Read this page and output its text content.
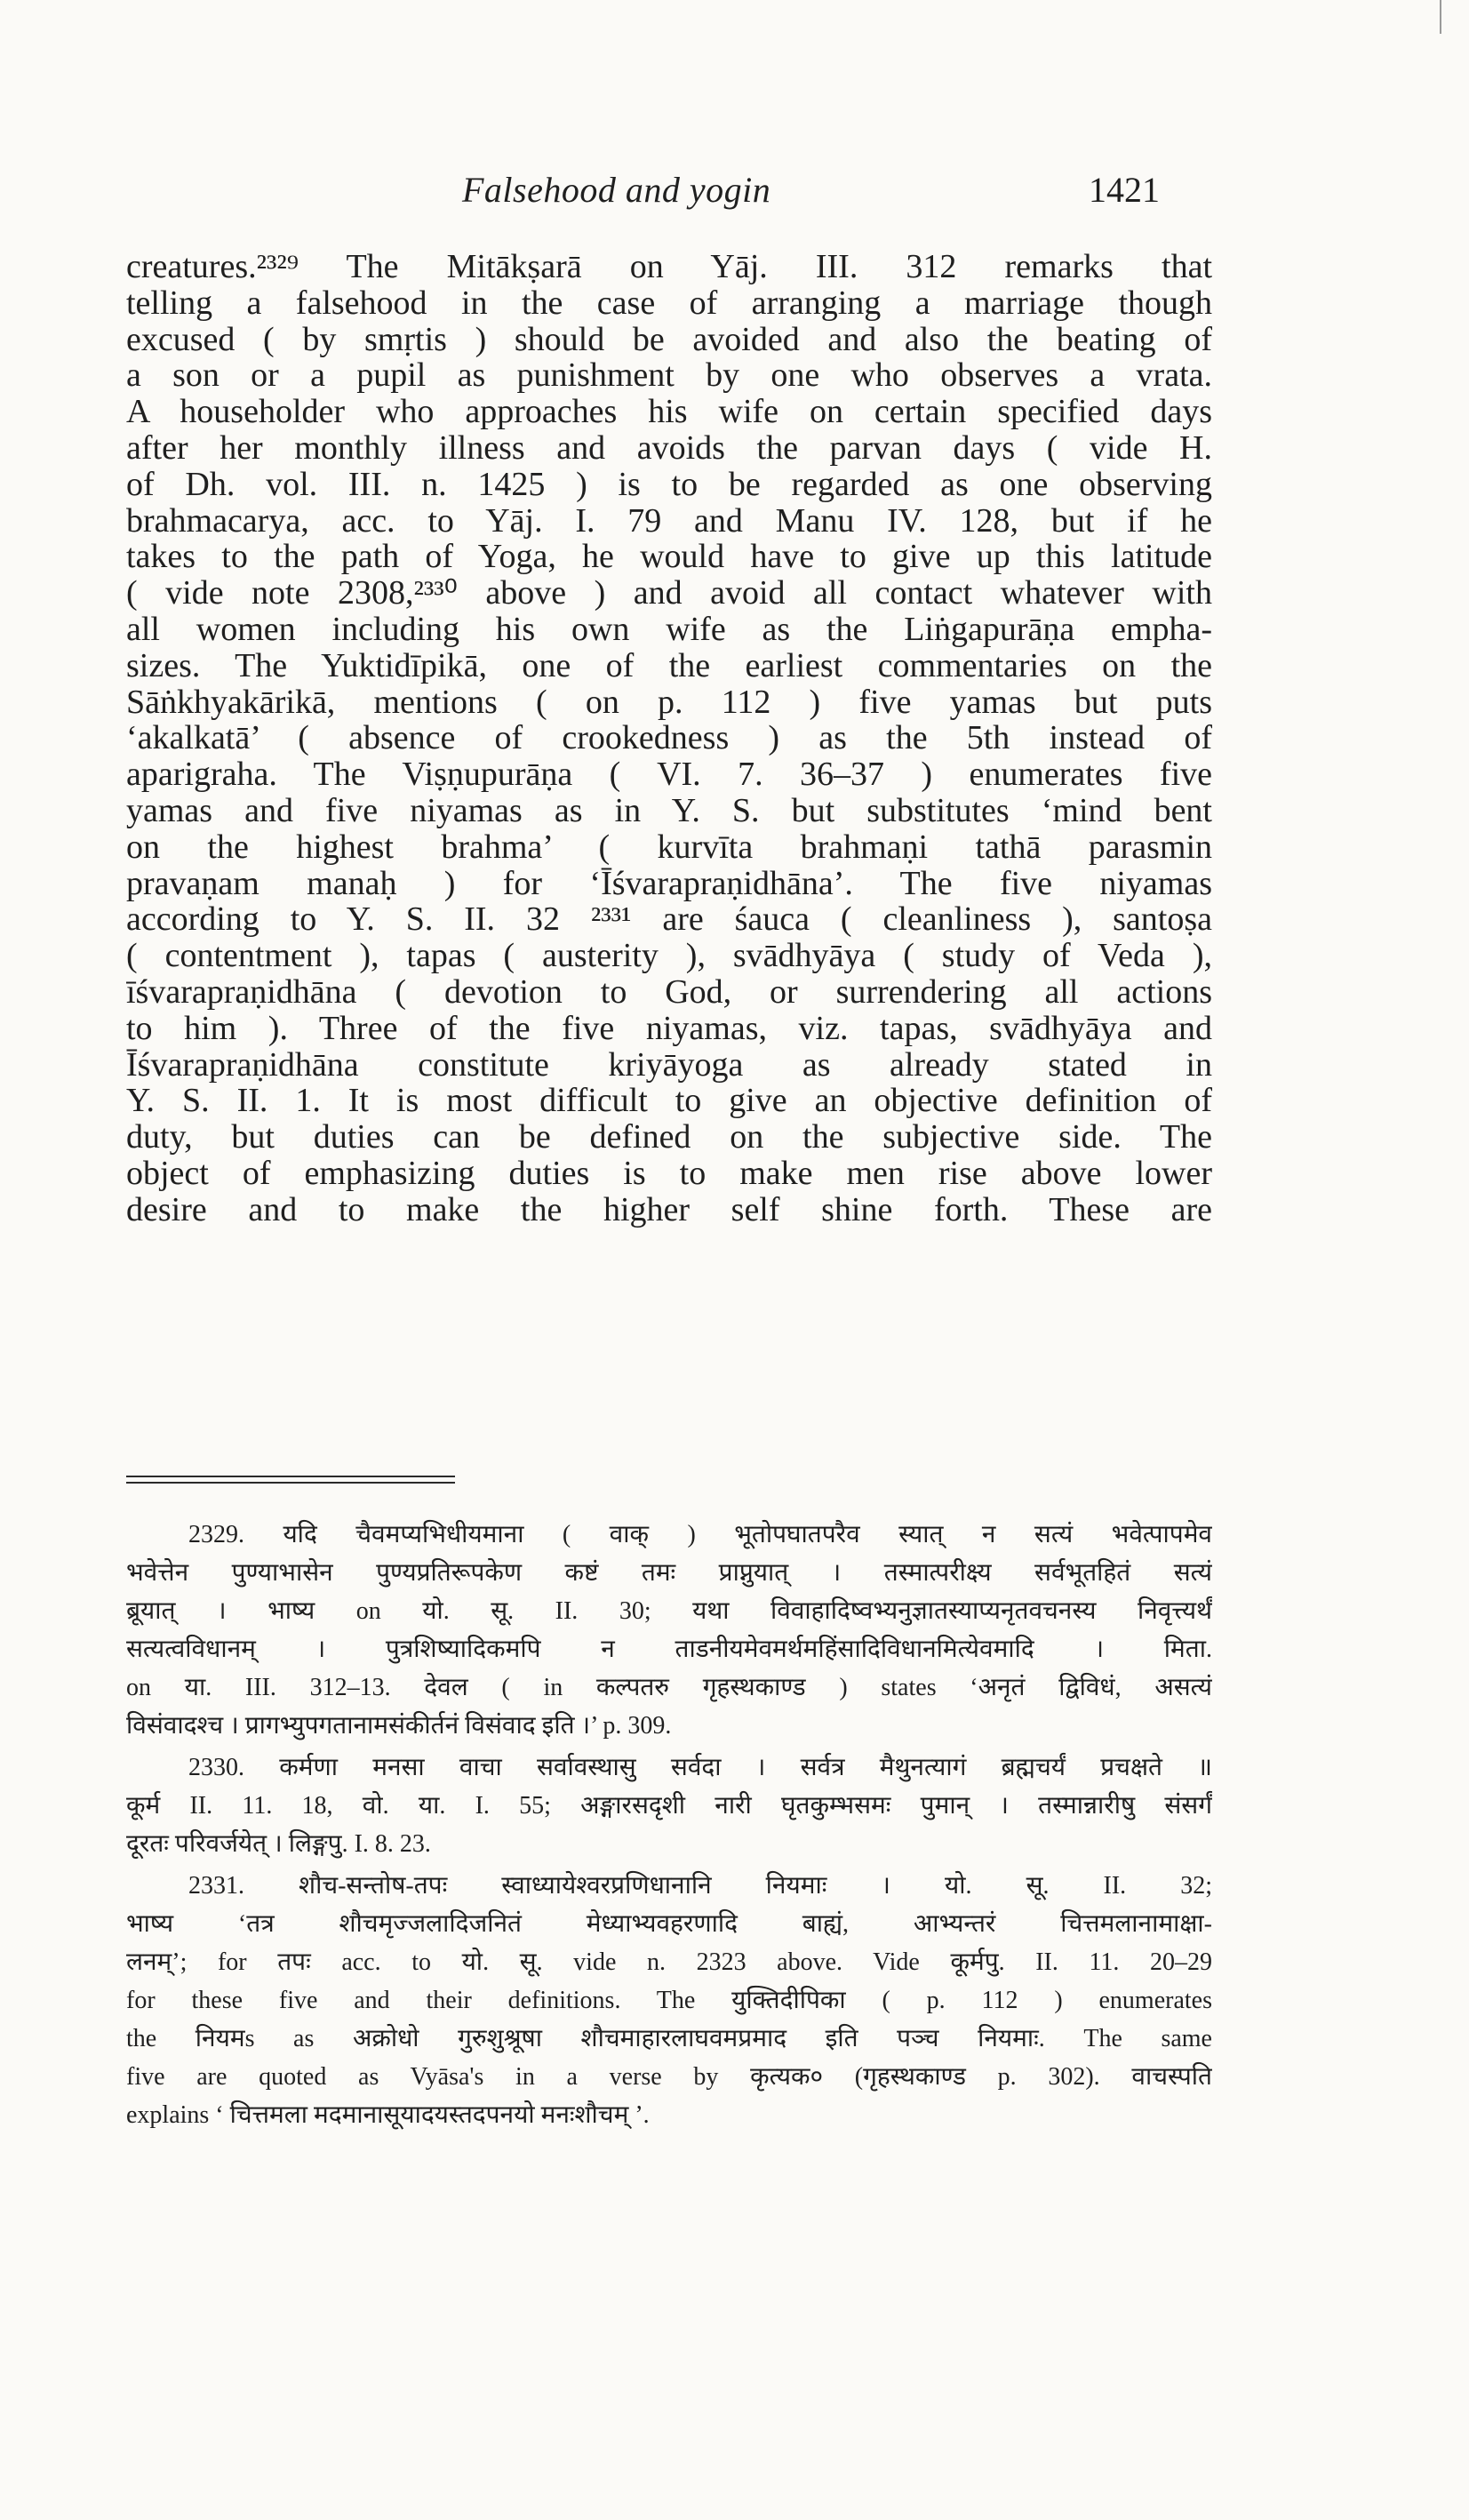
Falsehood and yogin	1421
creatures.²³²⁹ The Mitākṣarā on Yāj. III. 312 remarks that
telling a falsehood in the case of arranging a marriage though
excused ( by smṛtis ) should be avoided and also the beating of
a son or a pupil as punishment by one who observes a vrata.
A householder who approaches his wife on certain specified days
after her monthly illness and avoids the parvan days ( vide H.
of Dh. vol. III. n. 1425 ) is to be regarded as one observing
brahmacarya, acc. to Yāj. I. 79 and Manu IV. 128, but if he
takes to the path of Yoga, he would have to give up this latitude
( vide note 2308,²³³⁰ above ) and avoid all contact whatever with
all women including his own wife as the Liṅgapurāṇa empha-
sizes. The Yuktidīpikā, one of the earliest commentaries on the
Sāṅkhyakārikā, mentions ( on p. 112 ) five yamas but puts
‘akalkatā’ ( absence of crookedness ) as the 5th instead of
aparigraha. The Viṣṇupurāṇa ( VI. 7. 36–37 ) enumerates five
yamas and five niyamas as in Y. S. but substitutes ‘mind bent
on the highest brahma’ ( kurvīta brahmaṇi tathā parasmin
pravaṇam manaḥ ) for ‘Īśvarapraṇidhāna’. The five niyamas
according to Y. S. II. 32 ²³³¹ are śauca ( cleanliness ), santoṣa
( contentment ), tapas ( austerity ), svādhyāya ( study of Veda ),
īśvarapraṇidhāna ( devotion to God, or surrendering all actions
to him ). Three of the five niyamas, viz. tapas, svādhyāya and
Īśvarapraṇidhāna constitute kriyāyoga as already stated in
Y. S. II. 1. It is most difficult to give an objective definition of
duty, but duties can be defined on the subjective side. The
object of emphasizing duties is to make men rise above lower
desire and to make the higher self shine forth. These are
2329. यदि चैवमप्यभिधीयमाना ( वाक् ) भूतोपघातपरैव स्यात् न सत्यं भवेत्पापमेव
भवेत्तेन पुण्याभासेन पुण्यप्रतिरूपकेण कष्टं तमः प्राप्नुयात् । तस्मात्परीक्ष्य सर्वभूतहितं सत्यं
ब्रूयात् । भाष्य on यो. सू. II. 30; यथा विवाहादिष्वभ्यनुज्ञातस्याप्यनृतवचनस्य निवृत्त्यर्थं
सत्यत्वविधानम् । पुत्रशिष्यादिकमपि न ताडनीयमेवमर्थमहिंसादिविधानमित्येवमादि । मिता.
on या. III. 312–13. देवल ( in कल्पतरु गृहस्थकाण्ड ) states ‘अनृतं द्विविधं, असत्यं
विसंवादश्च । प्रागभ्युपगतानामसंकीर्तनं विसंवाद इति ।’ p. 309.
2330. कर्मणा मनसा वाचा सर्वावस्थासु सर्वदा । सर्वत्र मैथुनत्यागं ब्रह्मचर्यं प्रचक्षते ॥
कूर्म II. 11. 18, वो. या. I. 55; अङ्गारसदृशी नारी घृतकुम्भसमः पुमान् । तस्मान्नारीषु संसर्गं
दूरतः परिवर्जयेत् । लिङ्गपु. I. 8. 23.
2331. शौच-सन्तोष-तपः स्वाध्यायेश्वरप्रणिधानानि नियमाः । यो. सू. II. 32;
भाष्य ‘तत्र शौचमृज्जलादिजनितं मेध्याभ्यवहरणादि बाह्यं, आभ्यन्तरं चित्तमलानामाक्षा-
लनम्’; for तपः acc. to यो. सू. vide n. 2323 above. Vide कूर्मपु. II. 11. 20–29
for these five and their definitions. The युक्तिदीपिका ( p. 112 ) enumerates
the नियमs as अक्रोधो गुरुशुश्रूषा शौचमाहारलाघवमप्रमाद इति पञ्च नियमाः. The same
five are quoted as Vyāsa's in a verse by कृत्यक० (गृहस्थकाण्ड p. 302). वाचस्पति
explains ‘ चित्तमला मदमानासूयादयस्तदपनयो मनःशौचम् ’.
